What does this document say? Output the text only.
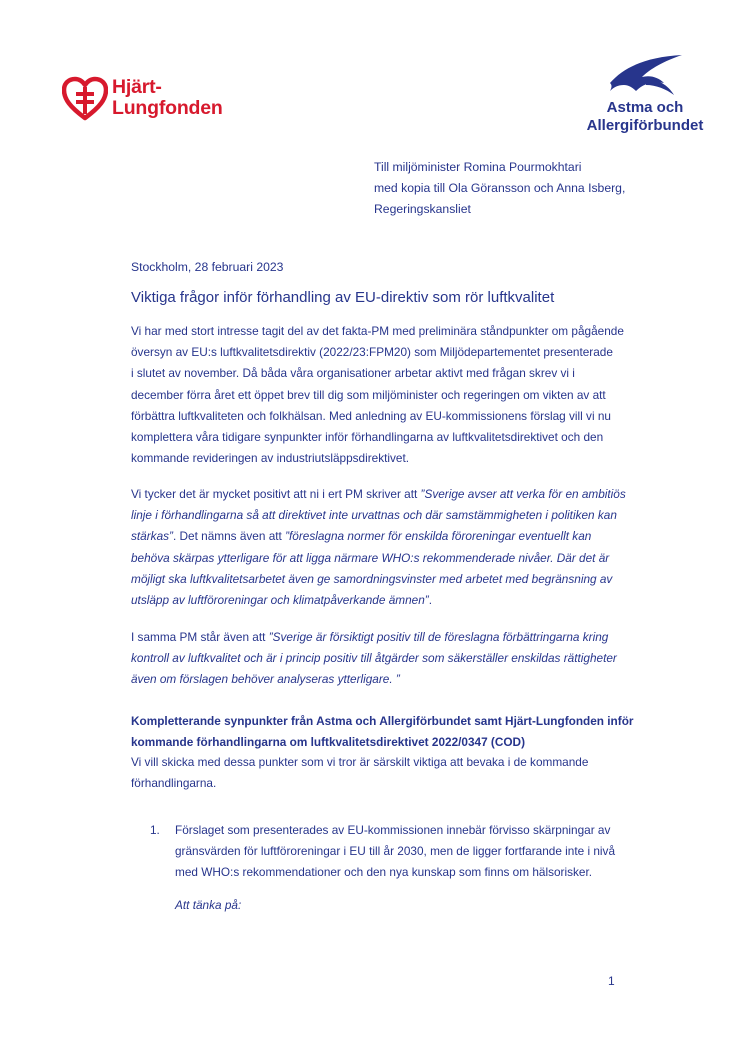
Hjärt-
Lungfonden	Astma och
Allergiförbundet
Till miljöminister Romina Pourmokhtari
med kopia till Ola Göransson och Anna Isberg,
Regeringskansliet
Stockholm, 28 februari 2023
Viktiga frågor inför förhandling av EU-direktiv som rör luftkvalitet

Vi har med stort intresse tagit del av det fakta-PM med preliminära ståndpunkter om pågående

översyn av EU:s luftkvalitetsdirektiv (2022/23:FPM20) som Miljödepartementet presenterade

i slutet av november. Då båda våra organisationer arbetar aktivt med frågan skrev vi i

december förra året ett öppet brev till dig som miljöminister och regeringen om vikten av att

förbättra luftkvaliteten och folkhälsan. Med anledning av EU-kommissionens förslag vill vi nu

komplettera våra tidigare synpunkter inför förhandlingarna av luftkvalitetsdirektivet och den

kommande revideringen av industriutsläppsdirektivet.

Vi tycker det är mycket positivt att ni i ert PM skriver att ”Sverige avser att verka för en ambitiös

linje i förhandlingarna så att direktivet inte urvattnas och där samstämmigheten i politiken kan

stärkas”. Det nämns även att ”föreslagna normer för enskilda föroreningar eventuellt kan

behöva skärpas ytterligare för att ligga närmare WHO:s rekommenderade nivåer. Där det är

möjligt ska luftkvalitetsarbetet även ge samordningsvinster med arbetet med begränsning av

utsläpp av luftföroreningar och klimatpåverkande ämnen”.

I samma PM står även att ”Sverige är försiktigt positiv till de föreslagna förbättringarna kring

kontroll av luftkvalitet och är i princip positiv till åtgärder som säkerställer enskildas rättigheter

även om förslagen behöver analyseras ytterligare. ”

Kompletterande synpunkter från Astma och Allergiförbundet samt Hjärt-Lungfonden inför

kommande förhandlingarna om luftkvalitetsdirektivet 2022/0347 (COD)

Vi vill skicka med dessa punkter som vi tror är särskilt viktiga att bevaka i de kommande

förhandlingarna.

1. Förslaget som presenterades av EU-kommissionen innebär förvisso skärpningar av

gränsvärden för luftföroreningar i EU till år 2030, men de ligger fortfarande inte i nivå

med WHO:s rekommendationer och den nya kunskap som finns om hälsorisker.

Att tänka på:
1
